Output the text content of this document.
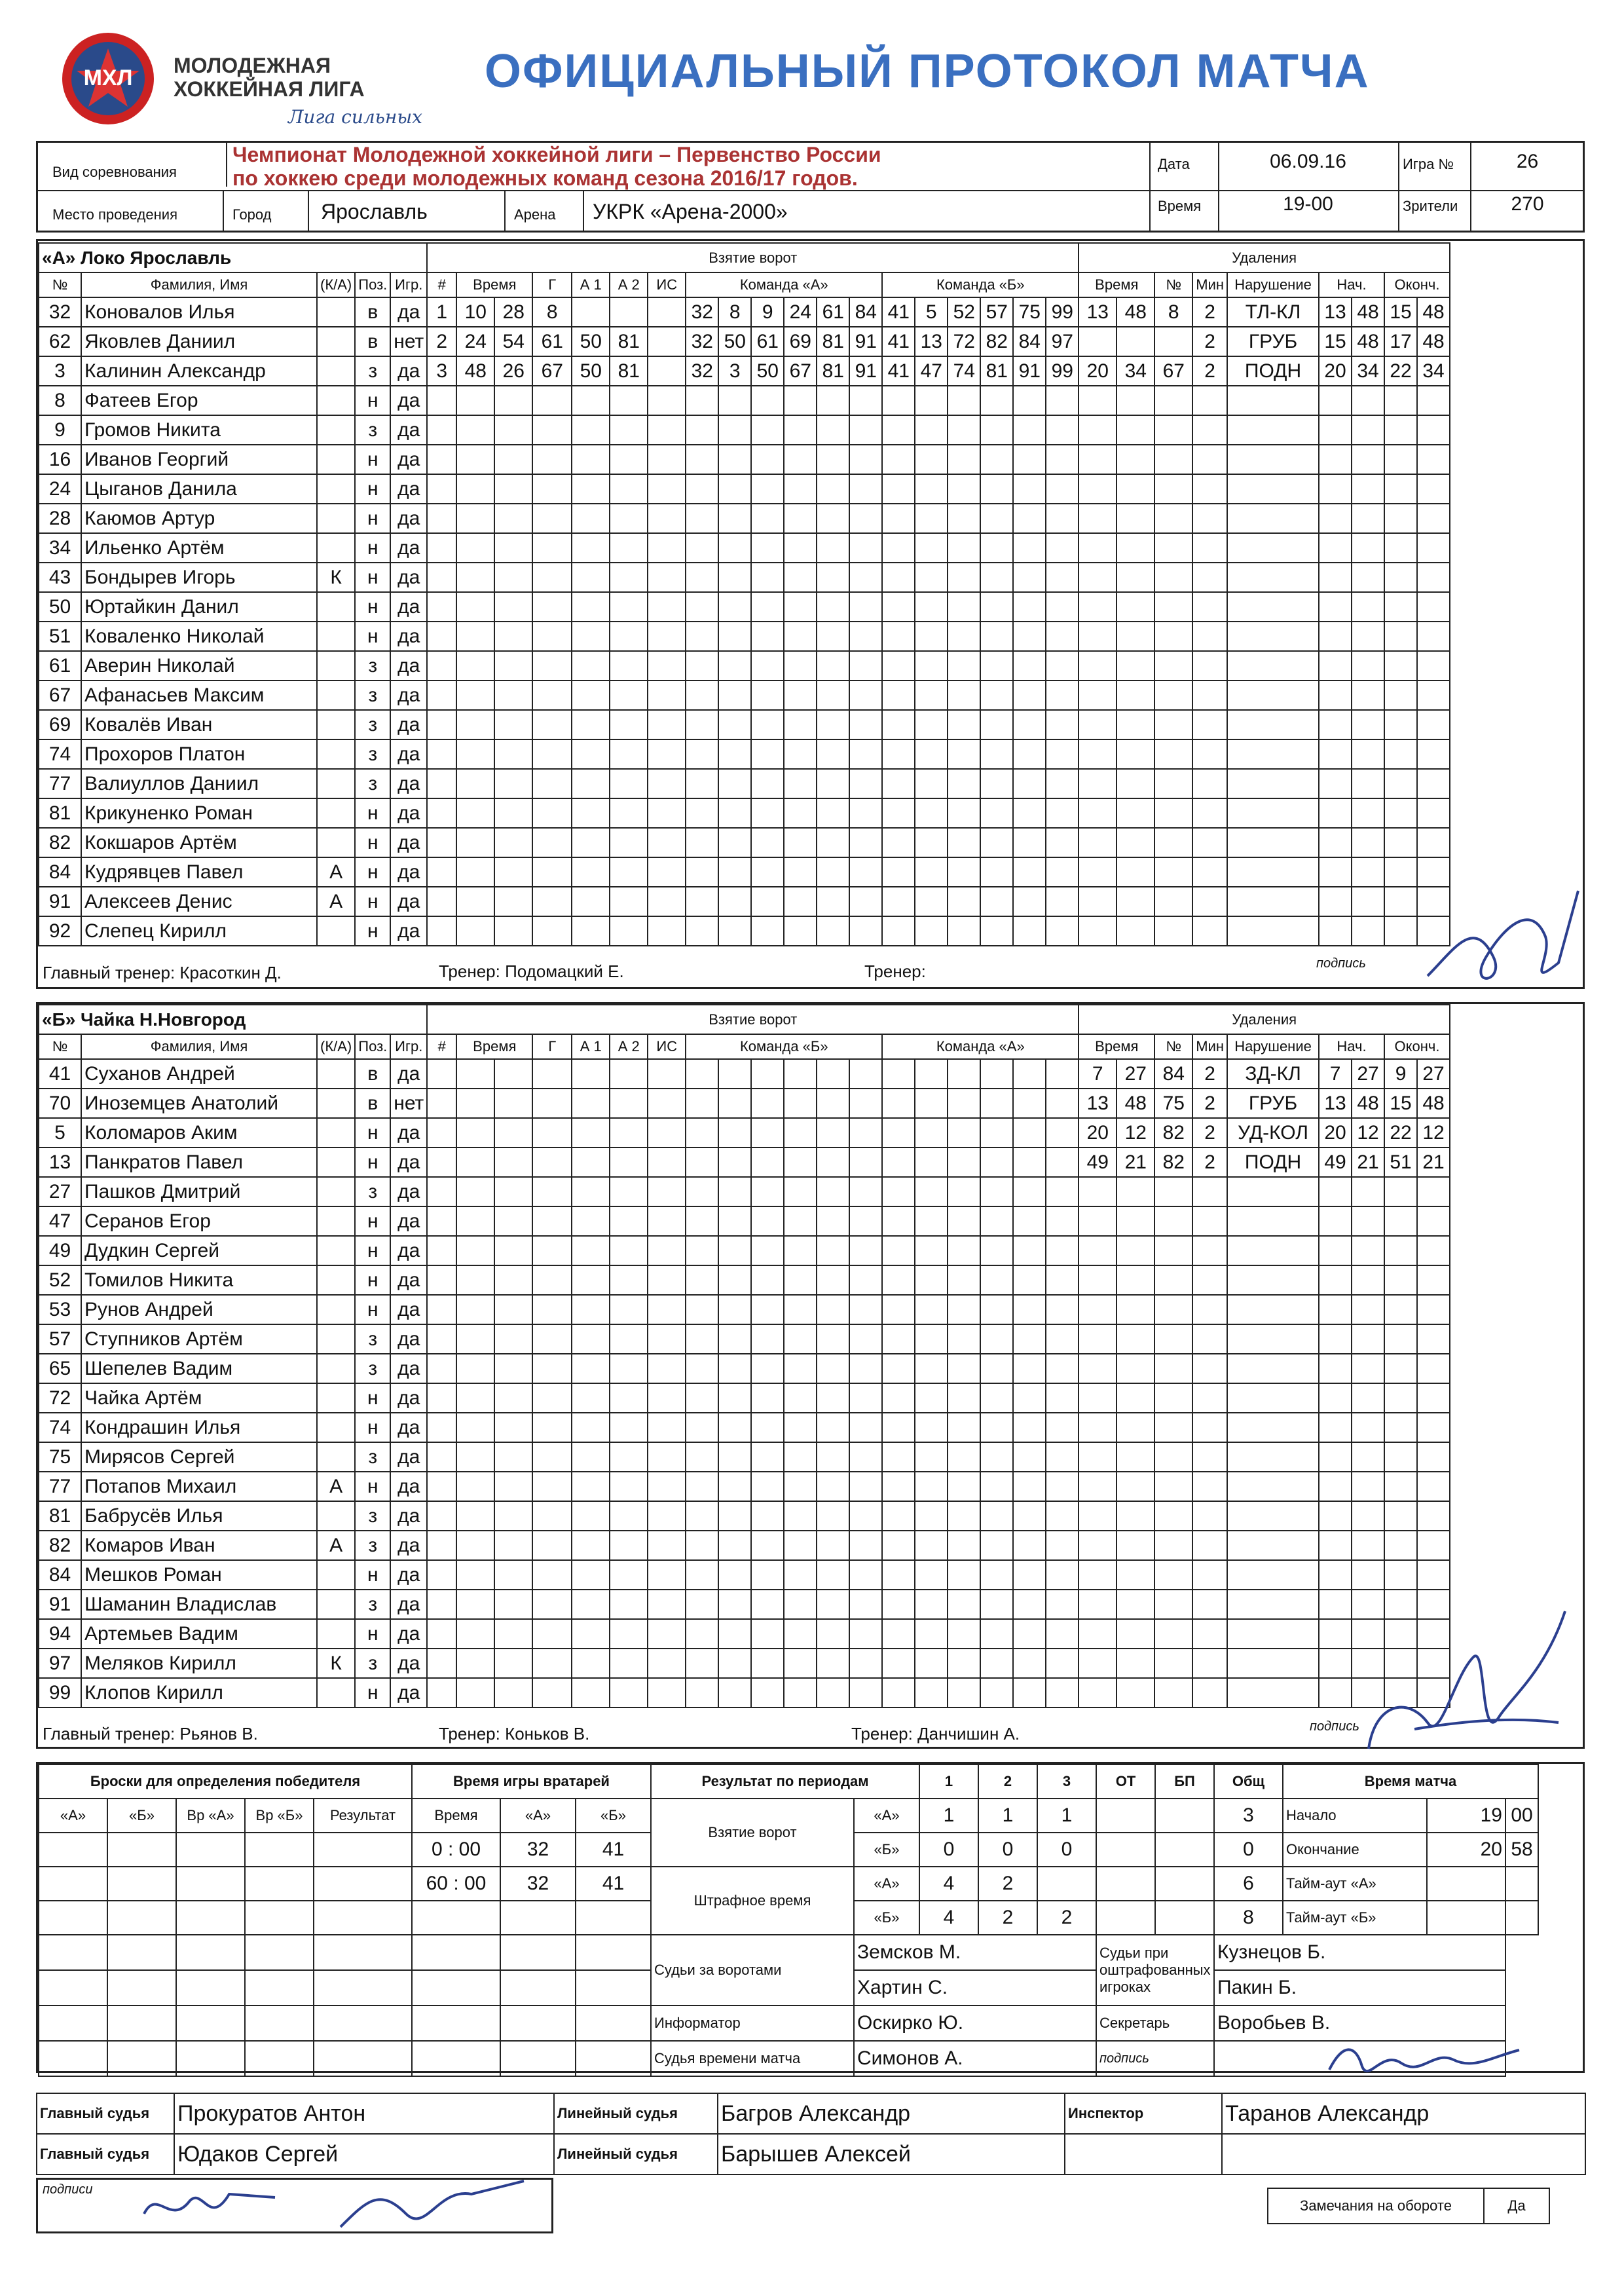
МХЛ	МОЛОДЕЖНАЯ
ХОККЕЙНАЯ ЛИГА
Лига сильных
ОФИЦИАЛЬНЫЙ ПРОТОКОЛ МАТЧА
Вид соревнования
Чемпионат Молодежной хоккейной лиги – Первенство России
по хоккею среди молодежных команд сезона 2016/17 годов.
Дата	06.09.16	Игра №	26
Место проведения	Город Ярославль	Арена УКРК «Арена-2000»	Время	19-00	Зрители	270
«А» Локо Ярославль					Взятие ворот																			Удаления								
№	Фамилия, Имя	(К/А)	Поз.	Игр.	#	Время		Г	А 1	А 2	ИС	Команда «А»						Команда «Б»						Время		№	Мин	Нарушение	Нач.		Оконч.	
32	Коновалов Илья		в	да	1	10	28	8				32	8	9	24	61	84	41	5	52	57	75	99	13	48	8	2	ТЛ-КЛ	13	48	15	48
62	Яковлев Даниил		в	нет	2	24	54	61	50	81		32	50	61	69	81	91	41	13	72	82	84	97				2	ГРУБ	15	48	17	48
3	Калинин Александр		з	да	3	48	26	67	50	81		32	3	50	67	81	91	41	47	74	81	91	99	20	34	67	2	ПОДН	20	34	22	34
8	Фатеев Егор		н	да																												
9	Громов Никита		з	да																												
16	Иванов Георгий		н	да																												
24	Цыганов Данила		н	да																												
28	Каюмов Артур		н	да																												
34	Ильенко Артём		н	да																												
43	Бондырев Игорь	К	н	да																												
50	Юртайкин Данил		н	да																												
51	Коваленко Николай		н	да																												
61	Аверин Николай		з	да																												
67	Афанасьев Максим		з	да																												
69	Ковалёв Иван		з	да																												
74	Прохоров Платон		з	да																												
77	Валиуллов Даниил		з	да																												
81	Крикуненко Роман		н	да																												
82	Кокшаров Артём		н	да																												
84	Кудрявцев Павел	А	н	да																												
91	Алексеев Денис	А	н	да																												
92	Слепец Кирилл		н	да																												
Главный тренер: Красоткин Д.	Тренер: Подомацкий Е.	Тренер:	подпись
«Б» Чайка Н.Новгород					Взятие ворот																			Удаления								
№	Фамилия, Имя	(К/А)	Поз.	Игр.	#	Время		Г	А 1	А 2	ИС	Команда «Б»						Команда «А»						Время		№	Мин	Нарушение	Нач.		Оконч.	
41	Суханов Андрей		в	да																				7	27	84	2	ЗД-КЛ	7	27	9	27
70	Иноземцев Анатолий		в	нет																				13	48	75	2	ГРУБ	13	48	15	48
5	Коломаров Аким		н	да																				20	12	82	2	УД-КОЛ	20	12	22	12
13	Панкратов Павел		н	да																				49	21	82	2	ПОДН	49	21	51	21
27	Пашков Дмитрий		з	да																												
47	Серанов Егор		н	да																												
49	Дудкин Сергей		н	да																												
52	Томилов Никита		н	да																												
53	Рунов Андрей		н	да																												
57	Ступников Артём		з	да																												
65	Шепелев Вадим		з	да																												
72	Чайка Артём		н	да																												
74	Кондрашин Илья		н	да																												
75	Мирясов Сергей		з	да																												
77	Потапов Михаил	А	н	да																												
81	Бабрусёв Илья		з	да																												
82	Комаров Иван	А	з	да																												
84	Мешков Роман		н	да																												
91	Шаманин Владислав		з	да																												
94	Артемьев Вадим		н	да																												
97	Меляков Кирилл	К	з	да																												
99	Клопов Кирилл		н	да																												
Главный тренер: Рьянов В.	Тренер: Коньков В.	Тренер: Данчишин А.	подпись
Броски для определения победителя					Время игры вратарей			Результат по периодам		1	2	3	ОТ	БП	Общ	Время матча		
«А»	«Б»	Вр «А»	Вр «Б»	Результат	Время	«А»	«Б»	Взятие ворот	«А»	1	1	1			3	Начало	19	00
					0 : 00	32	41		«Б»	0	0	0			0	Окончание	20	58
					60 : 00	32	41	Штрафное время	«А»	4	2				6	Тайм-аут «А»		
									«Б»	4	2	2			8	Тайм-аут «Б»		
								Судьи за воротами	Земсков М.				Судьи при оштрафованных игроках		Кузнецов Б.			
									Хартин С.						Пакин Б.			
								Информатор	Оскирко Ю.				Секретарь		Воробьев В.			
								Судья времени матча	Симонов А.				подпись					
Главный судья	Прокуратов Антон	Линейный судья	Багров Александр	Инспектор	Таранов Александр
Главный судья	Юдаков Сергей	Линейный судья	Барышев Алексей		
подписи
Замечания на обороте	Да
